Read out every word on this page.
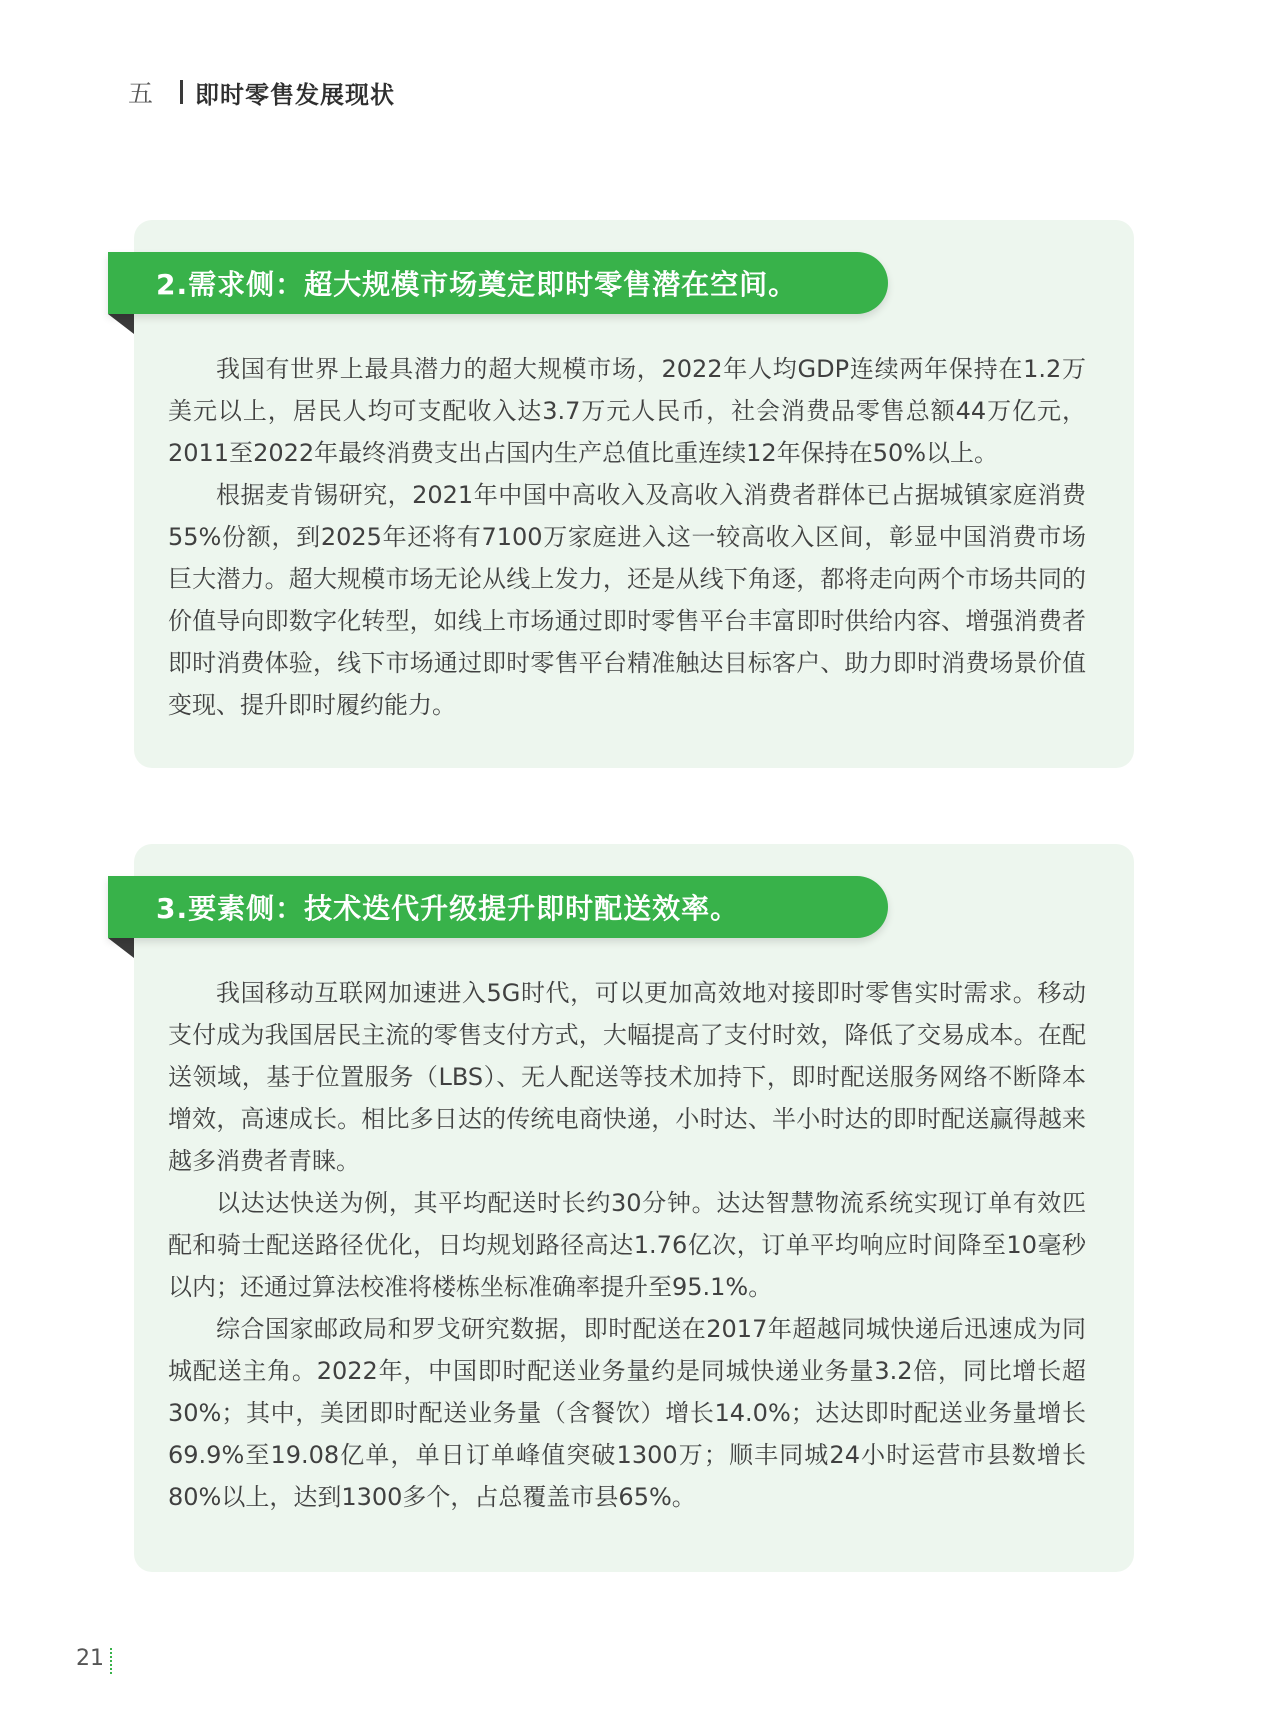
五 即时零售发展现状
2.需求侧：超大规模市场奠定即时零售潜在空间。

我国有世界上最具潜力的超大规模市场，2022年人均GDP连续两年保持在1.2万美元以上，居民人均可支配收入达3.7万元人民币，社会消费品零售总额44万亿元，2011至2022年最终消费支出占国内生产总值比重连续12年保持在50%以上。

根据麦肯锡研究，2021年中国中高收入及高收入消费者群体已占据城镇家庭消费55%份额，到2025年还将有7100万家庭进入这一较高收入区间，彰显中国消费市场巨大潜力。超大规模市场无论从线上发力，还是从线下角逐，都将走向两个市场共同的价值导向即数字化转型，如线上市场通过即时零售平台丰富即时供给内容、增强消费者即时消费体验，线下市场通过即时零售平台精准触达目标客户、助力即时消费场景价值变现、提升即时履约能力。

3.要素侧：技术迭代升级提升即时配送效率。

我国移动互联网加速进入5G时代，可以更加高效地对接即时零售实时需求。移动支付成为我国居民主流的零售支付方式，大幅提高了支付时效，降低了交易成本。在配送领域，基于位置服务（LBS）、无人配送等技术加持下，即时配送服务网络不断降本增效，高速成长。相比多日达的传统电商快递，小时达、半小时达的即时配送赢得越来越多消费者青睐。

以达达快送为例，其平均配送时长约30分钟。达达智慧物流系统实现订单有效匹配和骑士配送路径优化，日均规划路径高达1.76亿次，订单平均响应时间降至10毫秒以内；还通过算法校准将楼栋坐标准确率提升至95.1%。

综合国家邮政局和罗戈研究数据，即时配送在2017年超越同城快递后迅速成为同城配送主角。2022年，中国即时配送业务量约是同城快递业务量3.2倍，同比增长超30%；其中，美团即时配送业务量（含餐饮）增长14.0%；达达即时配送业务量增长69.9%至19.08亿单，单日订单峰值突破1300万；顺丰同城24小时运营市县数增长80%以上，达到1300多个，占总覆盖市县65%。

21
